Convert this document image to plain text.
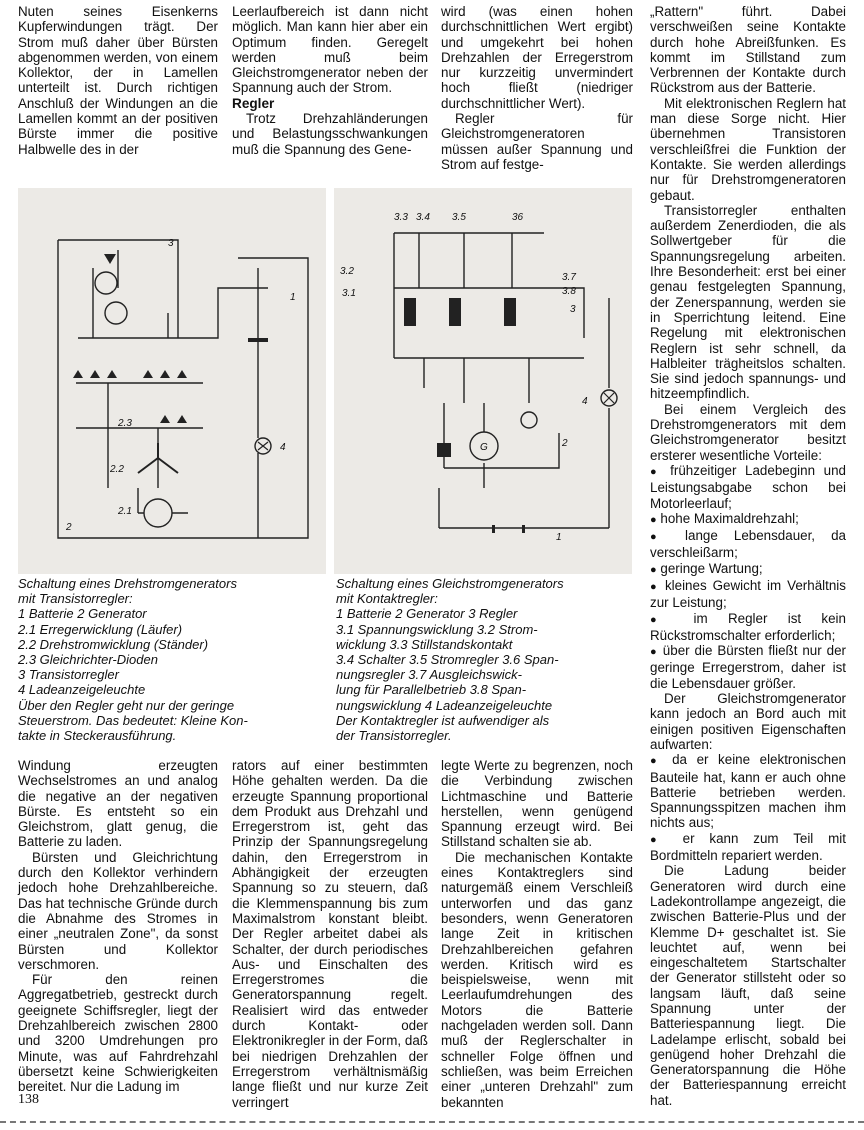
Nuten seines Eisenkerns Kupferwindungen trägt. Der Strom muß daher über Bürsten abgenommen werden, von einem Kollektor, der in Lamellen unterteilt ist. Durch richtigen Anschluß der Windungen an die Lamellen kommt an der positiven Bürste immer die positive Halbwelle des in der

Leerlaufbereich ist dann nicht möglich. Man kann hier aber ein Optimum finden. Geregelt werden muß beim Gleichstromgenerator neben der Spannung auch der Strom.

Regler

Trotz Drehzahländerungen und Belastungsschwankungen muß die Spannung des Gene-

wird (was einen hohen durchschnittlichen Wert ergibt) und umgekehrt bei hohen Drehzahlen der Erregerstrom nur kurzzeitig unvermindert hoch fließt (niedriger durchschnittlicher Wert).

Regler für Gleichstromgeneratoren müssen außer Spannung und Strom auf festge-

„Rattern" führt. Dabei verschweißen seine Kontakte durch hohe Abreißfunken. Es kommt im Stillstand zum Verbrennen der Kontakte durch Rückstrom aus der Batterie.

Mit elektronischen Reglern hat man diese Sorge nicht. Hier übernehmen Transistoren verschleißfrei die Funktion der Kontakte. Sie werden allerdings nur für Drehstromgeneratoren gebaut.

Transistorregler enthalten außerdem Zenerdioden, die als Sollwertgeber für die Spannungsregelung arbeiten. Ihre Besonderheit: erst bei einer genau festgelegten Spannung, der Zenerspannung, werden sie in Sperrichtung leitend. Eine Regelung mit elektronischen Reglern ist sehr schnell, da Halbleiter trägheitslos schalten. Sie sind jedoch spannungs- und hitzeempfindlich.

Bei einem Vergleich des Drehstromgenerators mit dem Gleichstromgenerator besitzt ersterer wesentliche Vorteile:

● frühzeitiger Ladebeginn und Leistungsabgabe schon bei Motorleerlauf;
● hohe Maximaldrehzahl;
● lange Lebensdauer, da verschleißarm;
● geringe Wartung;
● kleines Gewicht im Verhältnis zur Leistung;
● im Regler ist kein Rückstromschalter erforderlich;
● über die Bürsten fließt nur der geringe Erregerstrom, daher ist die Lebensdauer größer.

Der Gleichstromgenerator kann jedoch an Bord auch mit einigen positiven Eigenschaften aufwarten:

● da er keine elektronischen Bauteile hat, kann er auch ohne Batterie betrieben werden. Spannungsspitzen machen ihm nichts aus;
● er kann zum Teil mit Bordmitteln repariert werden.

Die Ladung beider Generatoren wird durch eine Ladekontrollampe angezeigt, die zwischen Batterie-Plus und der Klemme D+ geschaltet ist. Sie leuchtet auf, wenn bei eingeschaltetem Startschalter der Generator stillsteht oder so langsam läuft, daß seine Spannung unter der Batteriespannung liegt. Die Ladelampe erlischt, sobald bei genügend hoher Drehzahl die Generatorspannung die Höhe der Batteriespannung erreicht hat.

3
1
2.3
4
2.2
2.1
2
3.3 3.4 3.5	36
3.2
3.1
3.7
3.8
3
4
G	2
1
Schaltung eines Drehstromgenerators
mit Transistorregler:
1 Batterie 2 Generator
2.1 Erregerwicklung (Läufer)
2.2 Drehstromwicklung (Ständer)
2.3 Gleichrichter-Dioden
3 Transistorregler
4 Ladeanzeigeleuchte
Über den Regler geht nur der geringe
Steuerstrom. Das bedeutet: Kleine Kon-
takte in Steckerausführung.
Schaltung eines Gleichstromgenerators
mit Kontaktregler:
1 Batterie 2 Generator 3 Regler
3.1 Spannungswicklung 3.2 Strom-
wicklung 3.3 Stillstandskontakt
3.4 Schalter 3.5 Stromregler 3.6 Span-
nungsregler 3.7 Ausgleichswick-
lung für Parallelbetrieb 3.8 Span-
nungswicklung 4 Ladeanzeigeleuchte
Der Kontaktregler ist aufwendiger als
der Transistorregler.

Windung erzeugten Wechselstromes an und analog die negative an der negativen Bürste. Es entsteht so ein Gleichstrom, glatt genug, die Batterie zu laden.

Bürsten und Gleichrichtung durch den Kollektor verhindern jedoch hohe Drehzahlbereiche. Das hat technische Gründe durch die Abnahme des Stromes in einer „neutralen Zone", da sonst Bürsten und Kollektor verschmoren.

Für den reinen Aggregatbetrieb, gestreckt durch geeignete Schiffsregler, liegt der Drehzahlbereich zwischen 2800 und 3200 Umdrehungen pro Minute, was auf Fahrdrehzahl übersetzt keine Schwierigkeiten bereitet. Nur die Ladung im

rators auf einer bestimmten Höhe gehalten werden. Da die erzeugte Spannung proportional dem Produkt aus Drehzahl und Erregerstrom ist, geht das Prinzip der Spannungsregelung dahin, den Erregerstrom in Abhängigkeit der erzeugten Spannung so zu steuern, daß die Klemmenspannung bis zum Maximalstrom konstant bleibt. Der Regler arbeitet dabei als Schalter, der durch periodisches Aus- und Einschalten des Erregerstromes die Generatorspannung regelt. Realisiert wird das entweder durch Kontakt- oder Elektronikregler in der Form, daß bei niedrigen Drehzahlen der Erregerstrom verhältnismäßig lange fließt und nur kurze Zeit verringert

legte Werte zu begrenzen, noch die Verbindung zwischen Lichtmaschine und Batterie herstellen, wenn genügend Spannung erzeugt wird. Bei Stillstand schalten sie ab.

Die mechanischen Kontakte eines Kontaktreglers sind naturgemäß einem Verschleiß unterworfen und das ganz besonders, wenn Generatoren lange Zeit in kritischen Drehzahlbereichen gefahren werden. Kritisch wird es beispielsweise, wenn mit Leerlaufumdrehungen des Motors die Batterie nachgeladen werden soll. Dann muß der Reglerschalter in schneller Folge öffnen und schließen, was beim Erreichen einer „unteren Drehzahl" zum bekannten

138
